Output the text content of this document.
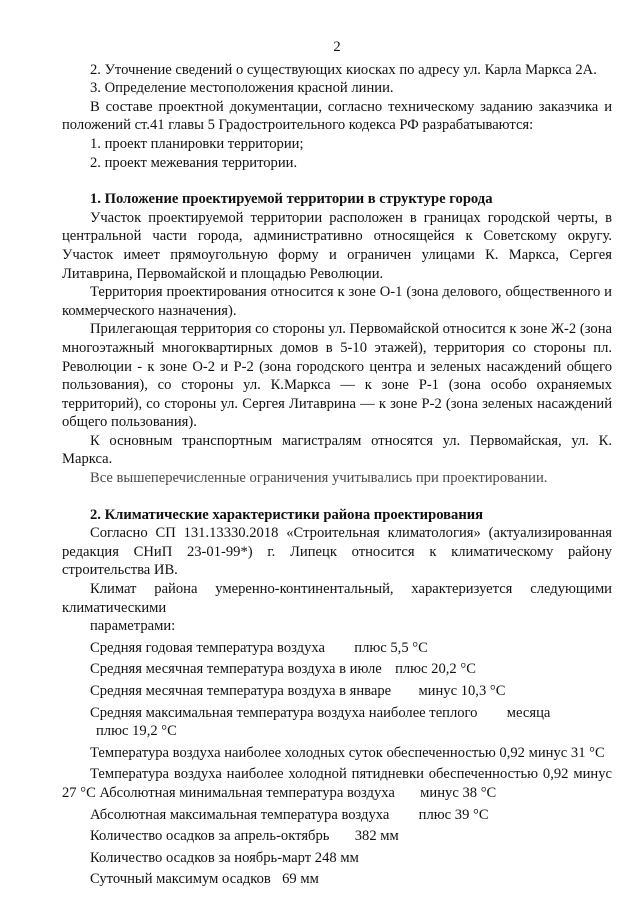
2

2. Уточнение сведений о существующих киосках по адресу ул. Карла Маркса 2А.

3. Определение местоположения красной линии.

В составе проектной документации, согласно техническому заданию заказчика и положений ст.41 главы 5 Градостроительного кодекса РФ разрабатываются:

1. проект планировки территории;

2. проект межевания территории.

1. Положение проектируемой территории в структуре города

Участок проектируемой территории расположен в границах городской черты, в центральной части города, административно относящейся к Советскому округу. Участок имеет прямоугольную форму и ограничен улицами К. Маркса, Сергея Литаврина, Первомайской и площадью Революции.

Территория проектирования относится к зоне О-1 (зона делового, общественного и коммерческого назначения).

Прилегающая территория со стороны ул. Первомайской относится к зоне Ж-2 (зона многоэтажный многоквартирных домов в 5-10 этажей), территория со стороны пл. Революции - к зоне О-2 и Р-2 (зона городского центра и зеленых насаждений общего пользования), со стороны ул. К.Маркса — к зоне Р-1 (зона особо охраняемых территорий), со стороны ул. Сергея Литаврина — к зоне Р-2 (зона зеленых насаждений общего пользования).

К основным транспортным магистралям относятся ул. Первомайская, ул. К. Маркса.

Все вышеперечисленные ограничения учитывались при проектировании.

2. Климатические характеристики района проектирования

Согласно СП 131.13330.2018 «Строительная климатология» (актуализированная редакция СНиП 23-01-99*) г. Липецк относится к климатическому району строительства ИВ.

Климат района умеренно-континентальный, характеризуется следующими климатическими

параметрами:

Средняя годовая температура воздуха плюс 5,5 °С

Средняя месячная температура воздуха в июле плюс 20,2 °С

Средняя месячная температура воздуха в январе минус 10,3 °С

Средняя максимальная температура воздуха наиболее теплого месяца

плюс 19,2 °С

Температура воздуха наиболее холодных суток обеспеченностью 0,92 минус 31 °С

Температура воздуха наиболее холодной пятидневки обеспеченностью 0,92 минус 27 °С Абсолютная минимальная температура воздуха минус 38 °С

Абсолютная максимальная температура воздуха плюс 39 °С

Количество осадков за апрель-октябрь 382 мм

Количество осадков за ноябрь-март 248 мм

Суточный максимум осадков 69 мм
